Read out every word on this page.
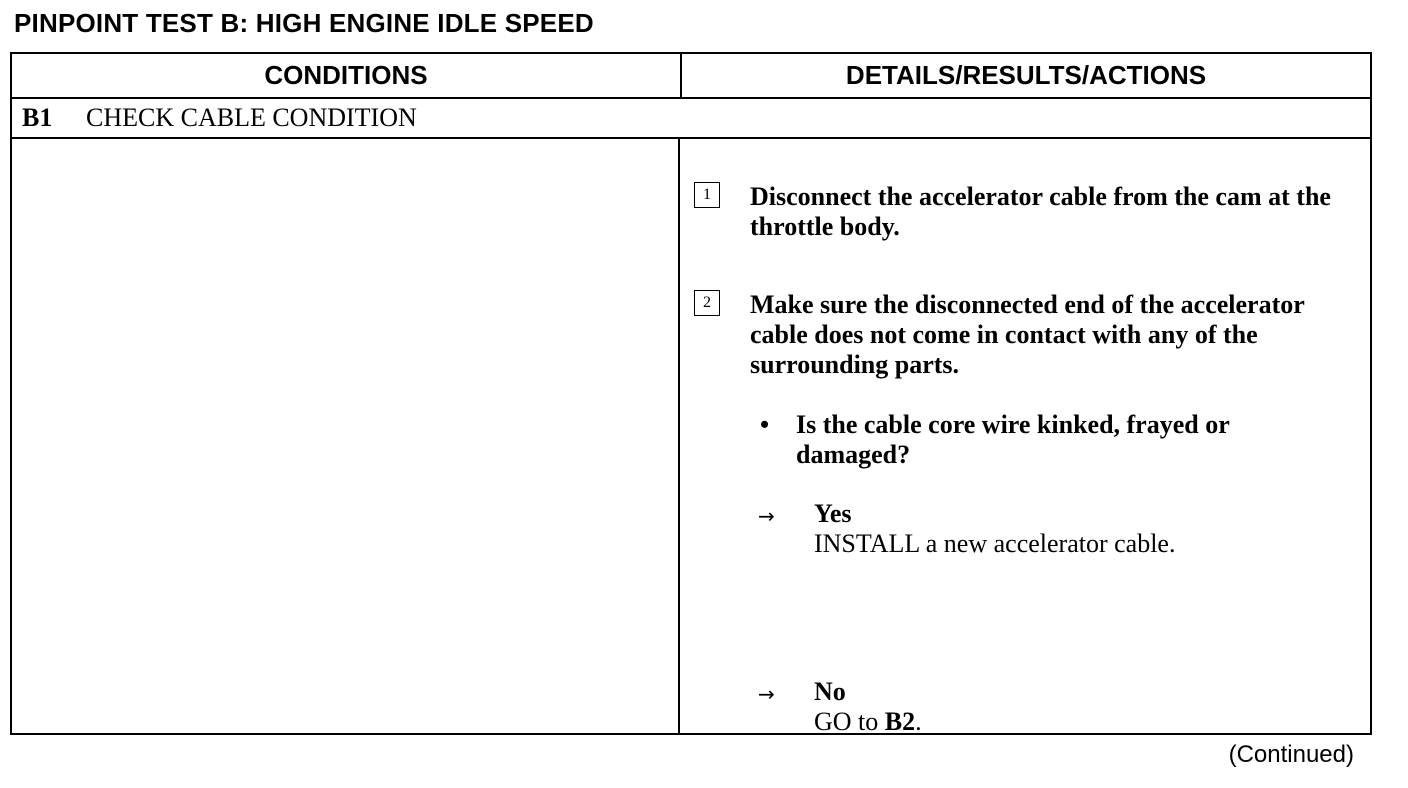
PINPOINT TEST B: HIGH ENGINE IDLE SPEED
CONDITIONS	DETAILS/RESULTS/ACTIONS
B1 CHECK CABLE CONDITION
1	Disconnect the accelerator cable from the cam at the throttle body.
2	Make sure the disconnected end of the accelerator cable does not come in contact with any of the surrounding parts.
• Is the cable core wire kinked, frayed or damaged?
→ Yes
INSTALL a new accelerator cable.
→ No
GO to B2.
(Continued)
